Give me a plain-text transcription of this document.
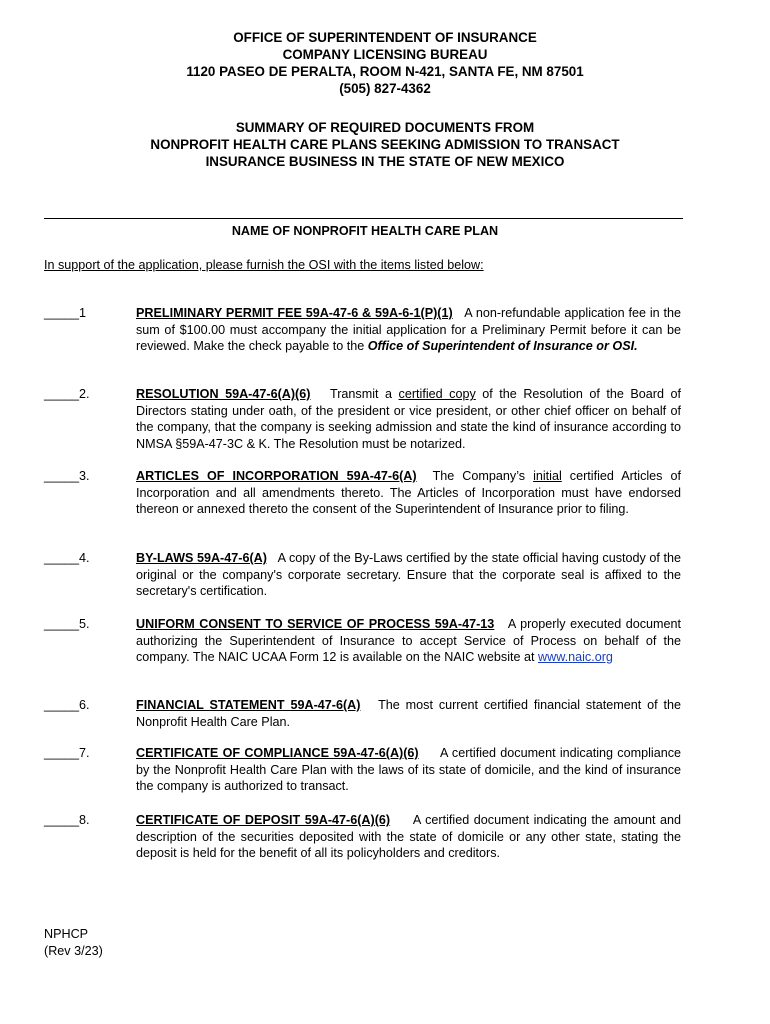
OFFICE OF SUPERINTENDENT OF INSURANCE
COMPANY LICENSING BUREAU
1120 PASEO DE PERALTA, ROOM N-421, SANTA FE, NM 87501
(505) 827-4362
SUMMARY OF REQUIRED DOCUMENTS FROM
NONPROFIT HEALTH CARE PLANS SEEKING ADMISSION TO TRANSACT
INSURANCE BUSINESS IN THE STATE OF NEW MEXICO
NAME OF NONPROFIT HEALTH CARE PLAN
In support of the application, please furnish the OSI with the items listed below:
_____1	PRELIMINARY PERMIT FEE 59A-47-6 & 59A-6-1(P)(1) A non-refundable application fee in the sum of $100.00 must accompany the initial application for a Preliminary Permit before it can be reviewed. Make the check payable to the Office of Superintendent of Insurance or OSI.
_____2.	RESOLUTION 59A-47-6(A)(6) Transmit a certified copy of the Resolution of the Board of Directors stating under oath, of the president or vice president, or other chief officer on behalf of the company, that the company is seeking admission and state the kind of insurance according to NMSA §59A-47-3C & K. The Resolution must be notarized.
_____3.	ARTICLES OF INCORPORATION 59A-47-6(A) The Company’s initial certified Articles of Incorporation and all amendments thereto. The Articles of Incorporation must have endorsed thereon or annexed thereto the consent of the Superintendent of Insurance prior to filing.
_____4.	BY-LAWS 59A-47-6(A) A copy of the By-Laws certified by the state official having custody of the original or the company's corporate secretary. Ensure that the corporate seal is affixed to the secretary's certification.
_____5.	UNIFORM CONSENT TO SERVICE OF PROCESS 59A-47-13 A properly executed document authorizing the Superintendent of Insurance to accept Service of Process on behalf of the company. The NAIC UCAA Form 12 is available on the NAIC website at www.naic.org
_____6.	FINANCIAL STATEMENT 59A-47-6(A) The most current certified financial statement of the Nonprofit Health Care Plan.
_____7.	CERTIFICATE OF COMPLIANCE 59A-47-6(A)(6) A certified document indicating compliance by the Nonprofit Health Care Plan with the laws of its state of domicile, and the kind of insurance the company is authorized to transact.
_____8.	CERTIFICATE OF DEPOSIT 59A-47-6(A)(6) A certified document indicating the amount and description of the securities deposited with the state of domicile or any other state, stating the deposit is held for the benefit of all its policyholders and creditors.
NPHCP
(Rev 3/23)
